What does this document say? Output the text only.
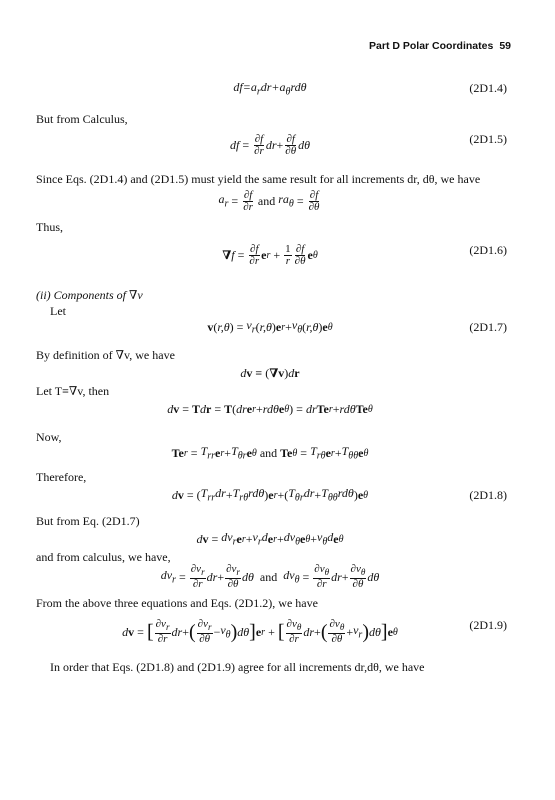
Part D Polar Coordinates 59
$df=a_rdr+a_\theta rd\theta$	(2D1.4)
But from Calculus,
df = $\frac{\partial f}{\partial r}$ dr + $\frac{\partial f}{\partial\theta}$ dθ	(2D1.5)
Since Eqs. (2D1.4) and (2D1.5) must yield the same result for all increments dr, dθ, we have
$a_r = \frac{\partial f}{\partial r}$
and
$ra_\theta = \frac{\partial f}{\partial\theta}$
Thus,
∇ $f = \frac{\partial f}{\partial r}$ e $r + \frac{1}{r} \frac{\partial f}{\partial\theta}$ e θ	(2D1.6)
(ii) Components of ∇v
Let
v ( r,θ ) = $v_r$ ( r,θ ) e $r + v_\theta$ ( r,θ ) e θ	(2D1.7)
By definition of ∇v, we have
d v ≡ ( ∇v ) d r
Let T≡∇v, then
d v = T d r = T ( dr e r + rdθ e θ ) = dr Te r + rdθ Te θ
Now,
Te $r = T_{rr}$ e $r + T_{\theta r}$ e θ and Te $\theta = T_{r\theta}$ e $r + T_{\theta\theta}$ e θ
Therefore,
d v = ( $T_{rr}dr + T_{r\theta}rd\theta$ ) e r +( $T_{\theta r}dr + T_{\theta\theta}rd\theta$ ) e θ	(2D1.8)
But from Eq. (2D1.7)
d $v = dv_r$ e $r + v_rd$ e $r + dv_\theta$ e $\theta + v_\theta d$ e θ
and from calculus, we have,
$dv_r = \frac{\partial v_r}{\partial r}$ dr + $\frac{\partial v_r}{\partial\theta}$ dθ and $dv_\theta = \frac{\partial v_\theta}{\partial r}$ dr + $\frac{\partial v_\theta}{\partial\theta}$ dθ
From the above three equations and Eqs. (2D1.2), we have
d v = [ $\frac{\partial v_r}{\partial r}$ dr + ( $\frac{\partial v_r}{\partial\theta} - v_\theta$ ) dθ ] e r + [ $\frac{\partial v_\theta}{\partial r}$ dr + ( $\frac{\partial v_\theta}{\partial\theta} + v_r$ ) dθ ] e θ	(2D1.9)
In order that Eqs. (2D1.8) and (2D1.9) agree for all increments dr,dθ, we have
